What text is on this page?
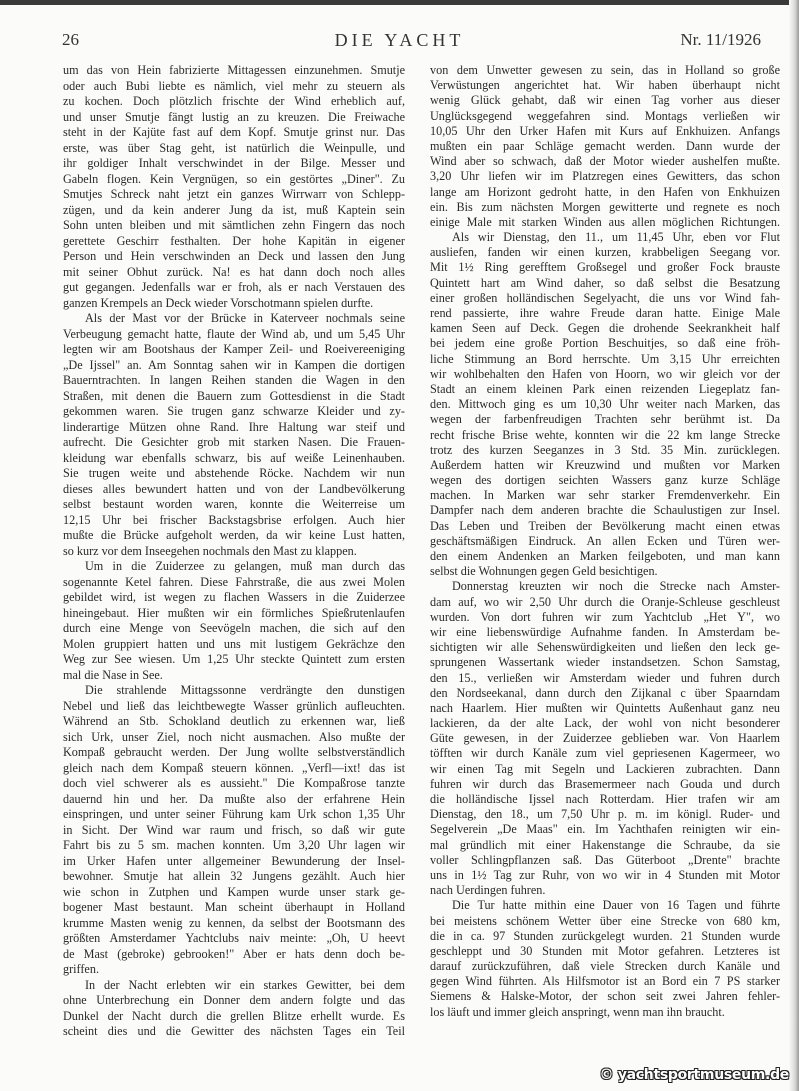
26	DIE YACHT	Nr. 11/1926
um das von Hein fabrizierte Mittagessen einzunehmen. Smutje
oder auch Bubi liebte es nämlich, viel mehr zu steuern als
zu kochen. Doch plötzlich frischte der Wind erheblich auf,
und unser Smutje fängt lustig an zu kreuzen. Die Freiwache
steht in der Kajüte fast auf dem Kopf. Smutje grinst nur. Das
erste, was über Stag geht, ist natürlich die Weinpulle, und
ihr goldiger Inhalt verschwindet in der Bilge. Messer und
Gabeln flogen. Kein Vergnügen, so ein gestörtes „Diner". Zu
Smutjes Schreck naht jetzt ein ganzes Wirrwarr von Schlepp-
zügen, und da kein anderer Jung da ist, muß Kaptein sein
Sohn unten bleiben und mit sämtlichen zehn Fingern das noch
gerettete Geschirr festhalten. Der hohe Kapitän in eigener
Person und Hein verschwinden an Deck und lassen den Jung
mit seiner Obhut zurück. Na! es hat dann doch noch alles
gut gegangen. Jedenfalls war er froh, als er nach Verstauen des
ganzen Krempels an Deck wieder Vorschotmann spielen durfte.
Als der Mast vor der Brücke in Katerveer nochmals seine
Verbeugung gemacht hatte, flaute der Wind ab, und um 5,45 Uhr
legten wir am Bootshaus der Kamper Zeil- und Roeivereeniging
„De Ijssel" an. Am Sonntag sahen wir in Kampen die dortigen
Bauerntrachten. In langen Reihen standen die Wagen in den
Straßen, mit denen die Bauern zum Gottesdienst in die Stadt
gekommen waren. Sie trugen ganz schwarze Kleider und zy-
linderartige Mützen ohne Rand. Ihre Haltung war steif und
aufrecht. Die Gesichter grob mit starken Nasen. Die Frauen-
kleidung war ebenfalls schwarz, bis auf weiße Leinenhauben.
Sie trugen weite und abstehende Röcke. Nachdem wir nun
dieses alles bewundert hatten und von der Landbevölkerung
selbst bestaunt worden waren, konnte die Weiterreise um
12,15 Uhr bei frischer Backstagsbrise erfolgen. Auch hier
mußte die Brücke aufgeholt werden, da wir keine Lust hatten,
so kurz vor dem Inseegehen nochmals den Mast zu klappen.
Um in die Zuiderzee zu gelangen, muß man durch das
sogenannte Ketel fahren. Diese Fahrstraße, die aus zwei Molen
gebildet wird, ist wegen zu flachen Wassers in die Zuiderzee
hineingebaut. Hier mußten wir ein förmliches Spießrutenlaufen
durch eine Menge von Seevögeln machen, die sich auf den
Molen gruppiert hatten und uns mit lustigem Gekrächze den
Weg zur See wiesen. Um 1,25 Uhr steckte Quintett zum ersten
mal die Nase in See.
Die strahlende Mittagssonne verdrängte den dunstigen
Nebel und ließ das leichtbewegte Wasser grünlich aufleuchten.
Während an Stb. Schokland deutlich zu erkennen war, ließ
sich Urk, unser Ziel, noch nicht ausmachen. Also mußte der
Kompaß gebraucht werden. Der Jung wollte selbstverständlich
gleich nach dem Kompaß steuern können. „Verfl—ixt! das ist
doch viel schwerer als es aussieht." Die Kompaßrose tanzte
dauernd hin und her. Da mußte also der erfahrene Hein
einspringen, und unter seiner Führung kam Urk schon 1,35 Uhr
in Sicht. Der Wind war raum und frisch, so daß wir gute
Fahrt bis zu 5 sm. machen konnten. Um 3,20 Uhr lagen wir
im Urker Hafen unter allgemeiner Bewunderung der Insel-
bewohner. Smutje hat allein 32 Jungens gezählt. Auch hier
wie schon in Zutphen und Kampen wurde unser stark ge-
bogener Mast bestaunt. Man scheint überhaupt in Holland
krumme Masten wenig zu kennen, da selbst der Bootsmann des
größten Amsterdamer Yachtclubs naiv meinte: „Oh, U heevt
de Mast (gebroke) gebrooken!" Aber er hats denn doch be-
griffen.
In der Nacht erlebten wir ein starkes Gewitter, bei dem
ohne Unterbrechung ein Donner dem andern folgte und das
Dunkel der Nacht durch die grellen Blitze erhellt wurde. Es
scheint dies und die Gewitter des nächsten Tages ein Teil
von dem Unwetter gewesen zu sein, das in Holland so große
Verwüstungen angerichtet hat. Wir haben überhaupt nicht
wenig Glück gehabt, daß wir einen Tag vorher aus dieser
Unglücksgegend weggefahren sind. Montags verließen wir
10,05 Uhr den Urker Hafen mit Kurs auf Enkhuizen. Anfangs
mußten ein paar Schläge gemacht werden. Dann wurde der
Wind aber so schwach, daß der Motor wieder aushelfen mußte.
3,20 Uhr liefen wir im Platzregen eines Gewitters, das schon
lange am Horizont gedroht hatte, in den Hafen von Enkhuizen
ein. Bis zum nächsten Morgen gewitterte und regnete es noch
einige Male mit starken Winden aus allen möglichen Richtungen.
Als wir Dienstag, den 11., um 11,45 Uhr, eben vor Flut
ausliefen, fanden wir einen kurzen, krabbeligen Seegang vor.
Mit 1½ Ring gerefftem Großsegel und großer Fock brauste
Quintett hart am Wind daher, so daß selbst die Besatzung
einer großen holländischen Segelyacht, die uns vor Wind fah-
rend passierte, ihre wahre Freude daran hatte. Einige Male
kamen Seen auf Deck. Gegen die drohende Seekrankheit half
bei jedem eine große Portion Beschuitjes, so daß eine fröh-
liche Stimmung an Bord herrschte. Um 3,15 Uhr erreichten
wir wohlbehalten den Hafen von Hoorn, wo wir gleich vor der
Stadt an einem kleinen Park einen reizenden Liegeplatz fan-
den. Mittwoch ging es um 10,30 Uhr weiter nach Marken, das
wegen der farbenfreudigen Trachten sehr berühmt ist. Da
recht frische Brise wehte, konnten wir die 22 km lange Strecke
trotz des kurzen Seeganzes in 3 Std. 35 Min. zurücklegen.
Außerdem hatten wir Kreuzwind und mußten vor Marken
wegen des dortigen seichten Wassers ganz kurze Schläge
machen. In Marken war sehr starker Fremdenverkehr. Ein
Dampfer nach dem anderen brachte die Schaulustigen zur Insel.
Das Leben und Treiben der Bevölkerung macht einen etwas
geschäftsmäßigen Eindruck. An allen Ecken und Türen wer-
den einem Andenken an Marken feilgeboten, und man kann
selbst die Wohnungen gegen Geld besichtigen.
Donnerstag kreuzten wir noch die Strecke nach Amster-
dam auf, wo wir 2,50 Uhr durch die Oranje-Schleuse geschleust
wurden. Von dort fuhren wir zum Yachtclub „Het Y", wo
wir eine liebenswürdige Aufnahme fanden. In Amsterdam be-
sichtigten wir alle Sehenswürdigkeiten und ließen den leck ge-
sprungenen Wassertank wieder instandsetzen. Schon Samstag,
den 15., verließen wir Amsterdam wieder und fuhren durch
den Nordseekanal, dann durch den Zijkanal c über Spaarndam
nach Haarlem. Hier mußten wir Quintetts Außenhaut ganz neu
lackieren, da der alte Lack, der wohl von nicht besonderer
Güte gewesen, in der Zuiderzee geblieben war. Von Haarlem
töfften wir durch Kanäle zum viel gepriesenen Kagermeer, wo
wir einen Tag mit Segeln und Lackieren zubrachten. Dann
fuhren wir durch das Brasemermeer nach Gouda und durch
die holländische Ijssel nach Rotterdam. Hier trafen wir am
Dienstag, den 18., um 7,50 Uhr p. m. im königl. Ruder- und
Segelverein „De Maas" ein. Im Yachthafen reinigten wir ein-
mal gründlich mit einer Hakenstange die Schraube, da sie
voller Schlingpflanzen saß. Das Güterboot „Drente" brachte
uns in 1½ Tag zur Ruhr, von wo wir in 4 Stunden mit Motor
nach Uerdingen fuhren.
Die Tur hatte mithin eine Dauer von 16 Tagen und führte
bei meistens schönem Wetter über eine Strecke von 680 km,
die in ca. 97 Stunden zurückgelegt wurden. 21 Stunden wurde
geschleppt und 30 Stunden mit Motor gefahren. Letzteres ist
darauf zurückzuführen, daß viele Strecken durch Kanäle und
gegen Wind führten. Als Hilfsmotor ist an Bord ein 7 PS starker
Siemens & Halske-Motor, der schon seit zwei Jahren fehler-
los läuft und immer gleich anspringt, wenn man ihn braucht.
© yachtsportmuseum.de
